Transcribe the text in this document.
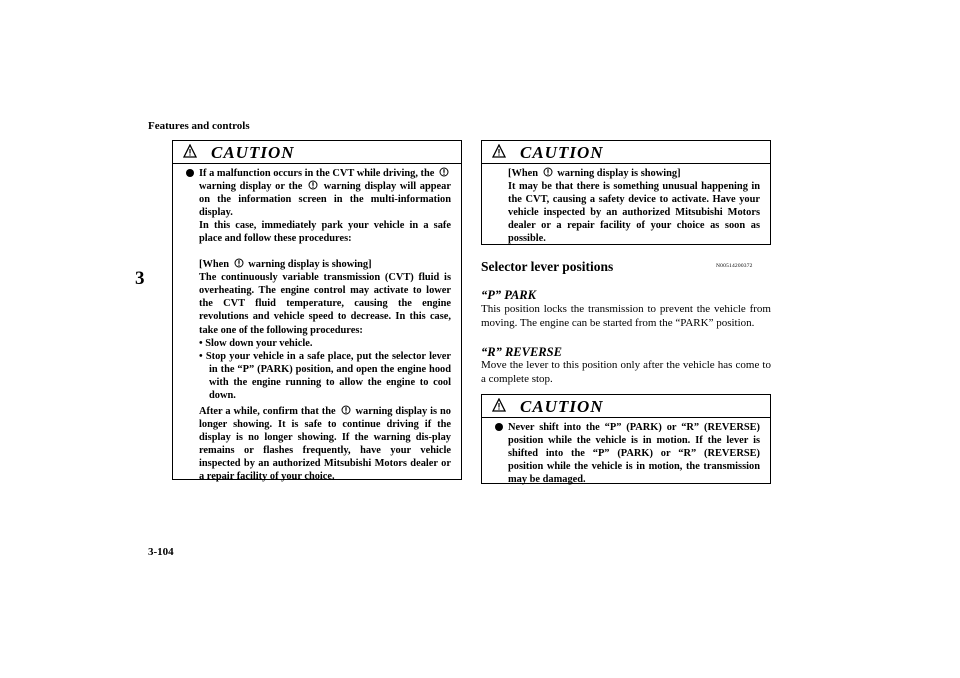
Features and controls
3
3-104
CAUTION

If a malfunction occurs in the CVT while driving, the  warning display or the warning display will appear on the information screen in the multi-information display.

In this case, immediately park your vehicle in a safe place and follow these procedures:

[When warning display is showing]

The continuously variable transmission (CVT) fluid is overheating. The engine control may activate to lower the CVT fluid temperature, causing the engine revolutions and vehicle speed to decrease. In this case, take one of the following procedures:

• Slow down your vehicle.

• Stop your vehicle in a safe place, put the selector lever in the “P” (PARK) position, and open the engine hood with the engine running to allow the engine to cool down.

After a while, confirm that the warning display is no longer showing. It is safe to continue driving if the display is no longer showing. If the warning dis-play remains or flashes frequently, have your vehicle inspected by an authorized Mitsubishi Motors dealer or a repair facility of your choice.

CAUTION

[When warning display is showing]

It may be that there is something unusual happening in the CVT, causing a safety device to activate. Have your vehicle inspected by an authorized Mitsubishi Motors dealer or a repair facility of your choice as soon as possible.

Selector lever positions	N00514200372
“P” PARK
This position locks the transmission to prevent the vehicle from moving. The engine can be started from the “PARK” position.
“R” REVERSE
Move the lever to this position only after the vehicle has come to a complete stop.
CAUTION

Never shift into the “P” (PARK) or “R” (REVERSE) position while the vehicle is in motion. If the lever is shifted into the “P” (PARK) or “R” (REVERSE) position while the vehicle is in motion, the transmission may be damaged.
